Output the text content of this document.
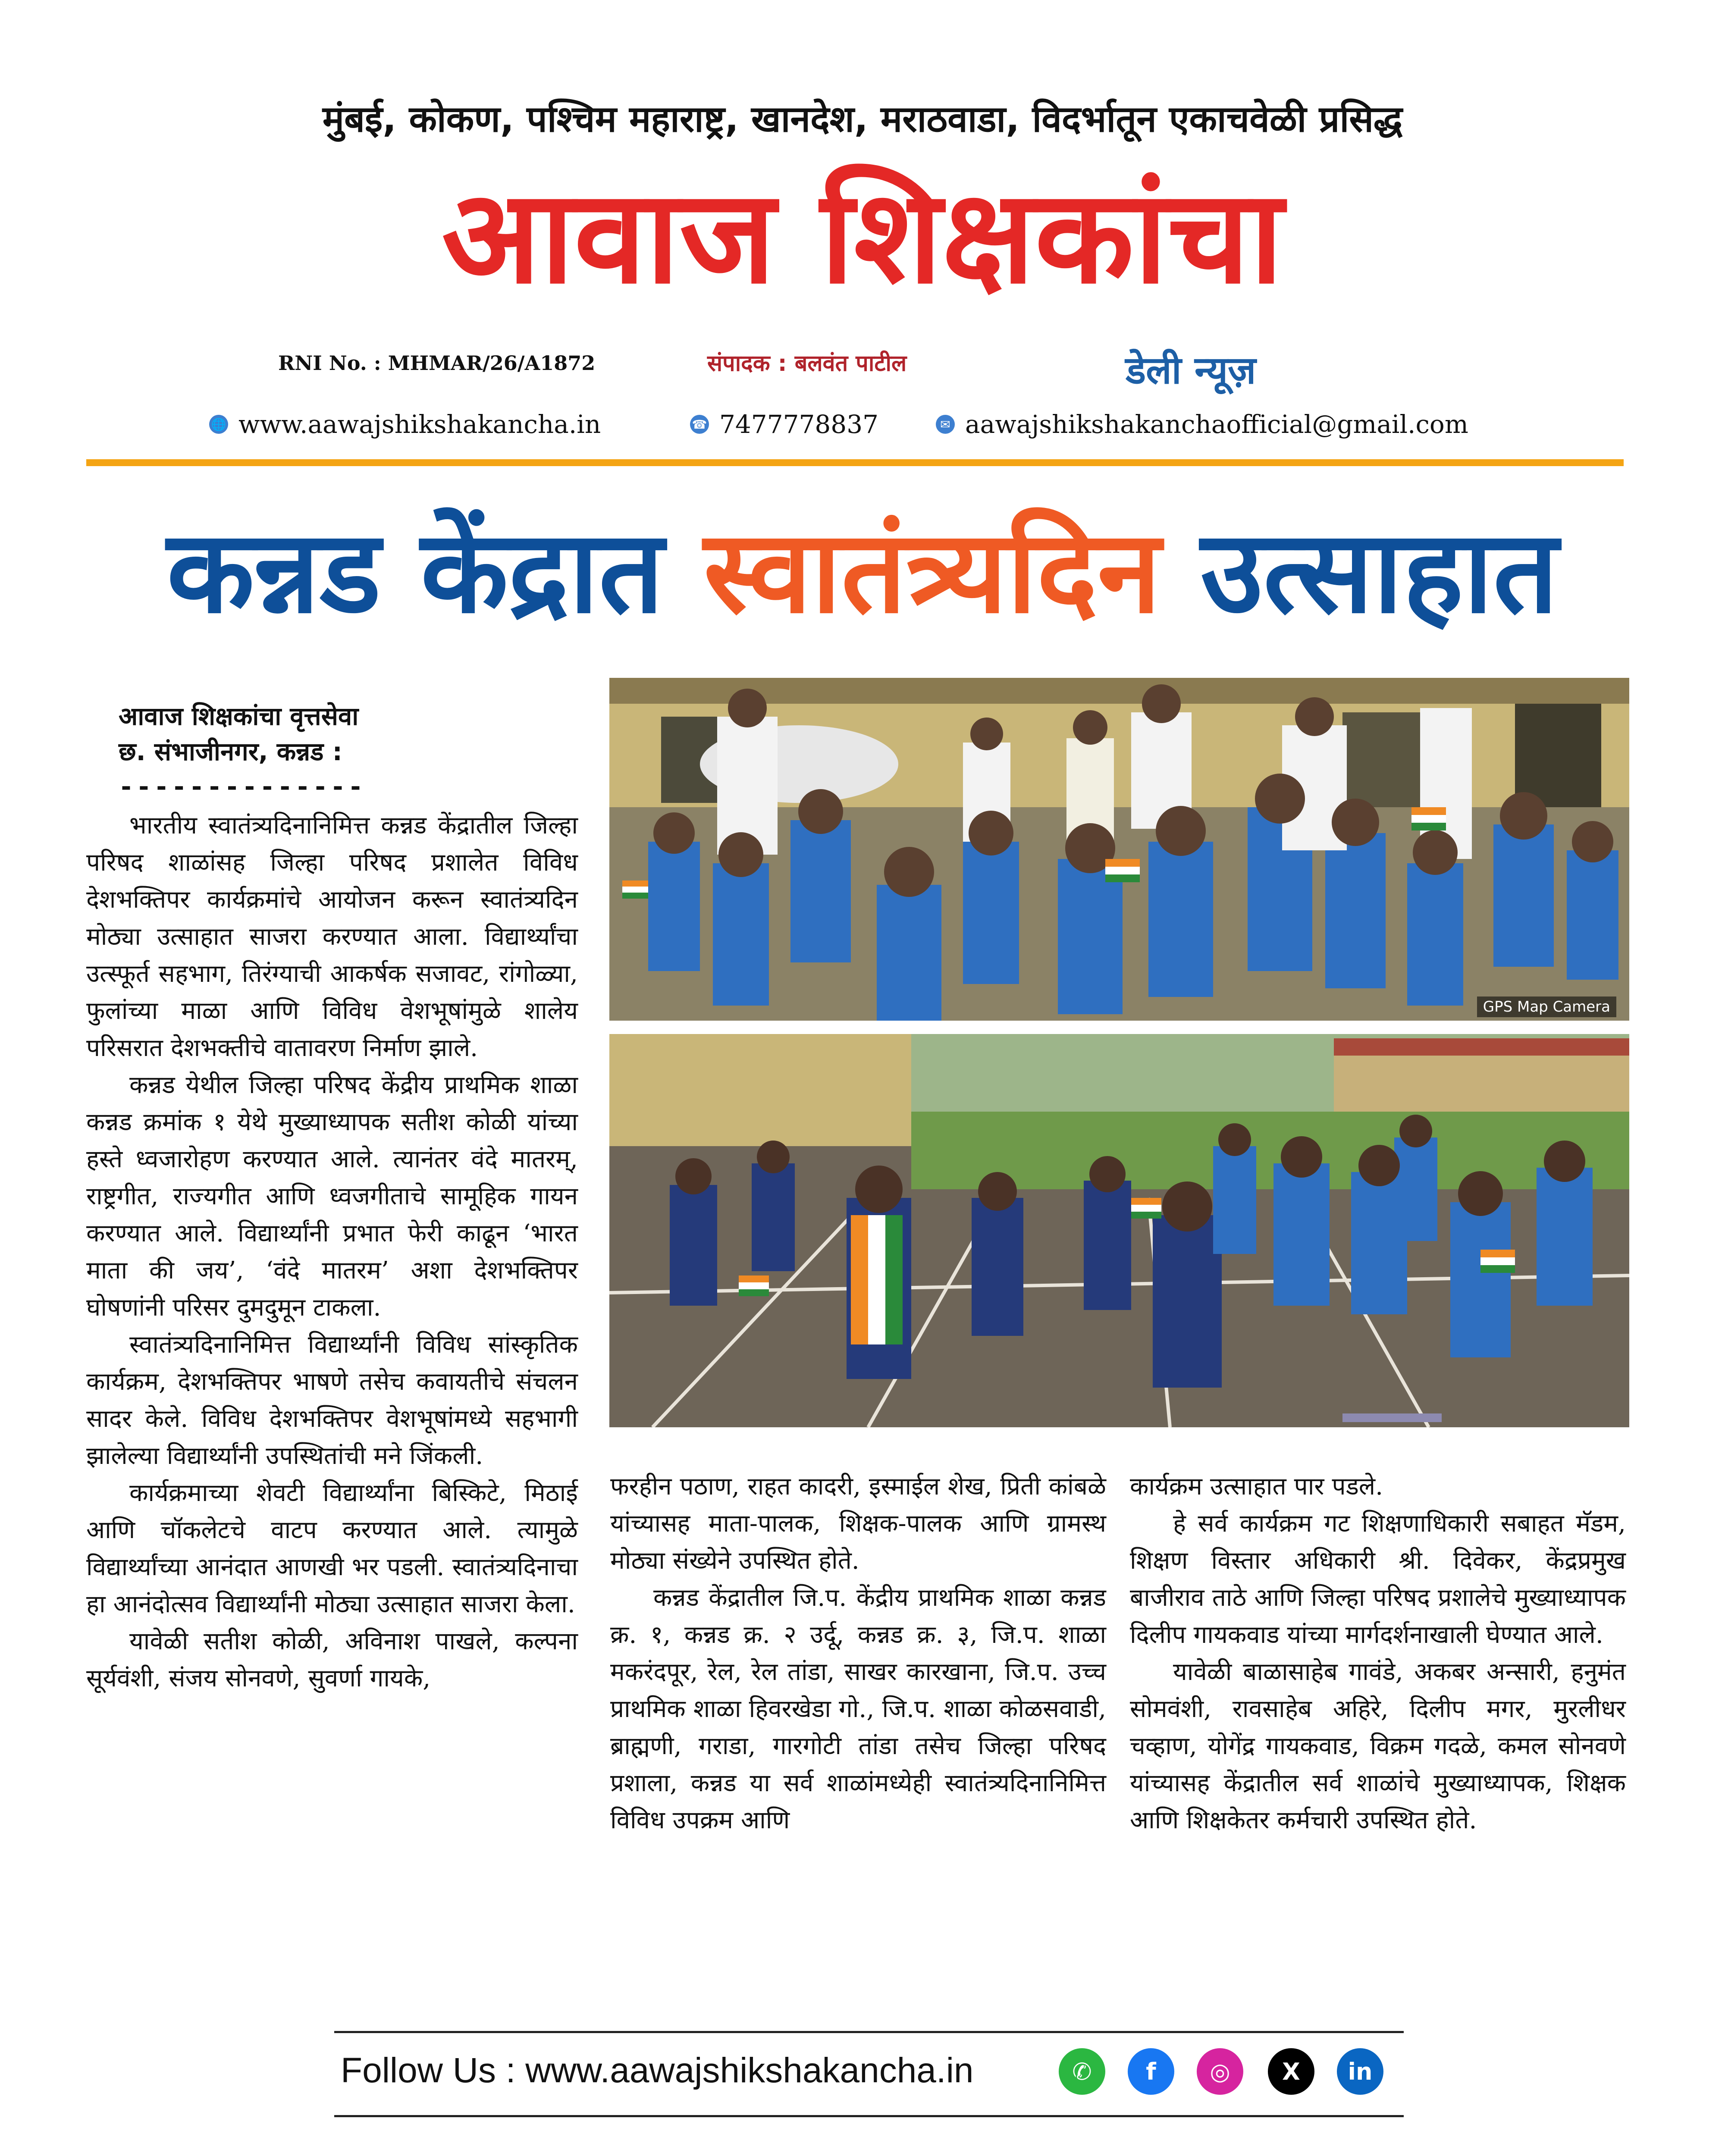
मुंबई, कोकण, पश्चिम महाराष्ट्र, खानदेश, मराठवाडा, विदर्भातून एकाचवेळी प्रसिद्ध
आवाज शिक्षकांचा
RNI No. : MHMAR/26/A1872	संपादक : बलवंत पाटील	डेली न्यूज़
🌐 www.aawajshikshakancha.in	☎ 7477778837	✉ aawajshikshakanchaofficial@gmail.com
कन्नड केंद्रात स्वातंत्र्यदिन उत्साहात
आवाज शिक्षकांचा वृत्तसेवा
छ. संभाजीनगर, कन्नड :
--------------

भारतीय स्वातंत्र्यदिनानिमित्त कन्नड केंद्रातील जिल्हा परिषद शाळांसह जिल्हा परिषद प्रशालेत विविध देशभक्तिपर कार्यक्रमांचे आयोजन करून स्वातंत्र्यदिन मोठ्या उत्साहात साजरा करण्यात आला. विद्यार्थ्यांचा उत्स्फूर्त सहभाग, तिरंग्याची आकर्षक सजावट, रांगोळ्या, फुलांच्या माळा आणि विविध वेशभूषांमुळे शालेय परिसरात देशभक्तीचे वातावरण निर्माण झाले.

कन्नड येथील जिल्हा परिषद केंद्रीय प्राथमिक शाळा कन्नड क्रमांक १ येथे मुख्याध्यापक सतीश कोळी यांच्या हस्ते ध्वजारोहण करण्यात आले. त्यानंतर वंदे मातरम्, राष्ट्रगीत, राज्यगीत आणि ध्वजगीताचे सामूहिक गायन करण्यात आले. विद्यार्थ्यांनी प्रभात फेरी काढून ‘भारत माता की जय’, ‘वंदे मातरम’ अशा देशभक्तिपर घोषणांनी परिसर दुमदुमून टाकला.

स्वातंत्र्यदिनानिमित्त विद्यार्थ्यांनी विविध सांस्कृतिक कार्यक्रम, देशभक्तिपर भाषणे तसेच कवायतीचे संचलन सादर केले. विविध देशभक्तिपर वेशभूषांमध्ये सहभागी झालेल्या विद्यार्थ्यांनी उपस्थितांची मने जिंकली.

कार्यक्रमाच्या शेवटी विद्यार्थ्यांना बिस्किटे, मिठाई आणि चॉकलेटचे वाटप करण्यात आले. त्यामुळे विद्यार्थ्यांच्या आनंदात आणखी भर पडली. स्वातंत्र्यदिनाचा हा आनंदोत्सव विद्यार्थ्यांनी मोठ्या उत्साहात साजरा केला.

यावेळी सतीश कोळी, अविनाश पाखले, कल्पना सूर्यवंशी, संजय सोनवणे, सुवर्णा गायके,

GPS Map Camera

फरहीन पठाण, राहत कादरी, इस्माईल शेख, प्रिती कांबळे यांच्यासह माता-पालक, शिक्षक-पालक आणि ग्रामस्थ मोठ्या संख्येने उपस्थित होते.

कन्नड केंद्रातील जि.प. केंद्रीय प्राथमिक शाळा कन्नड क्र. १, कन्नड क्र. २ उर्दू, कन्नड क्र. ३, जि.प. शाळा मकरंदपूर, रेल, रेल तांडा, साखर कारखाना, जि.प. उच्च प्राथमिक शाळा हिवरखेडा गो., जि.प. शाळा कोळसवाडी, ब्राह्मणी, गराडा, गारगोटी तांडा तसेच जिल्हा परिषद प्रशाला, कन्नड या सर्व शाळांमध्येही स्वातंत्र्यदिनानिमित्त विविध उपक्रम आणि

कार्यक्रम उत्साहात पार पडले.

हे सर्व कार्यक्रम गट शिक्षणाधिकारी सबाहत मॅडम, शिक्षण विस्तार अधिकारी श्री. दिवेकर, केंद्रप्रमुख बाजीराव ताठे आणि जिल्हा परिषद प्रशालेचे मुख्याध्यापक दिलीप गायकवाड यांच्या मार्गदर्शनाखाली घेण्यात आले.

यावेळी बाळासाहेब गावंडे, अकबर अन्सारी, हनुमंत सोमवंशी, रावसाहेब अहिरे, दिलीप मगर, मुरलीधर चव्हाण, योगेंद्र गायकवाड, विक्रम गदळे, कमल सोनवणे यांच्यासह केंद्रातील सर्व शाळांचे मुख्याध्यापक, शिक्षक आणि शिक्षकेतर कर्मचारी उपस्थित होते.

Follow Us : www.aawajshikshakancha.in	✆	f	◎	X	in
